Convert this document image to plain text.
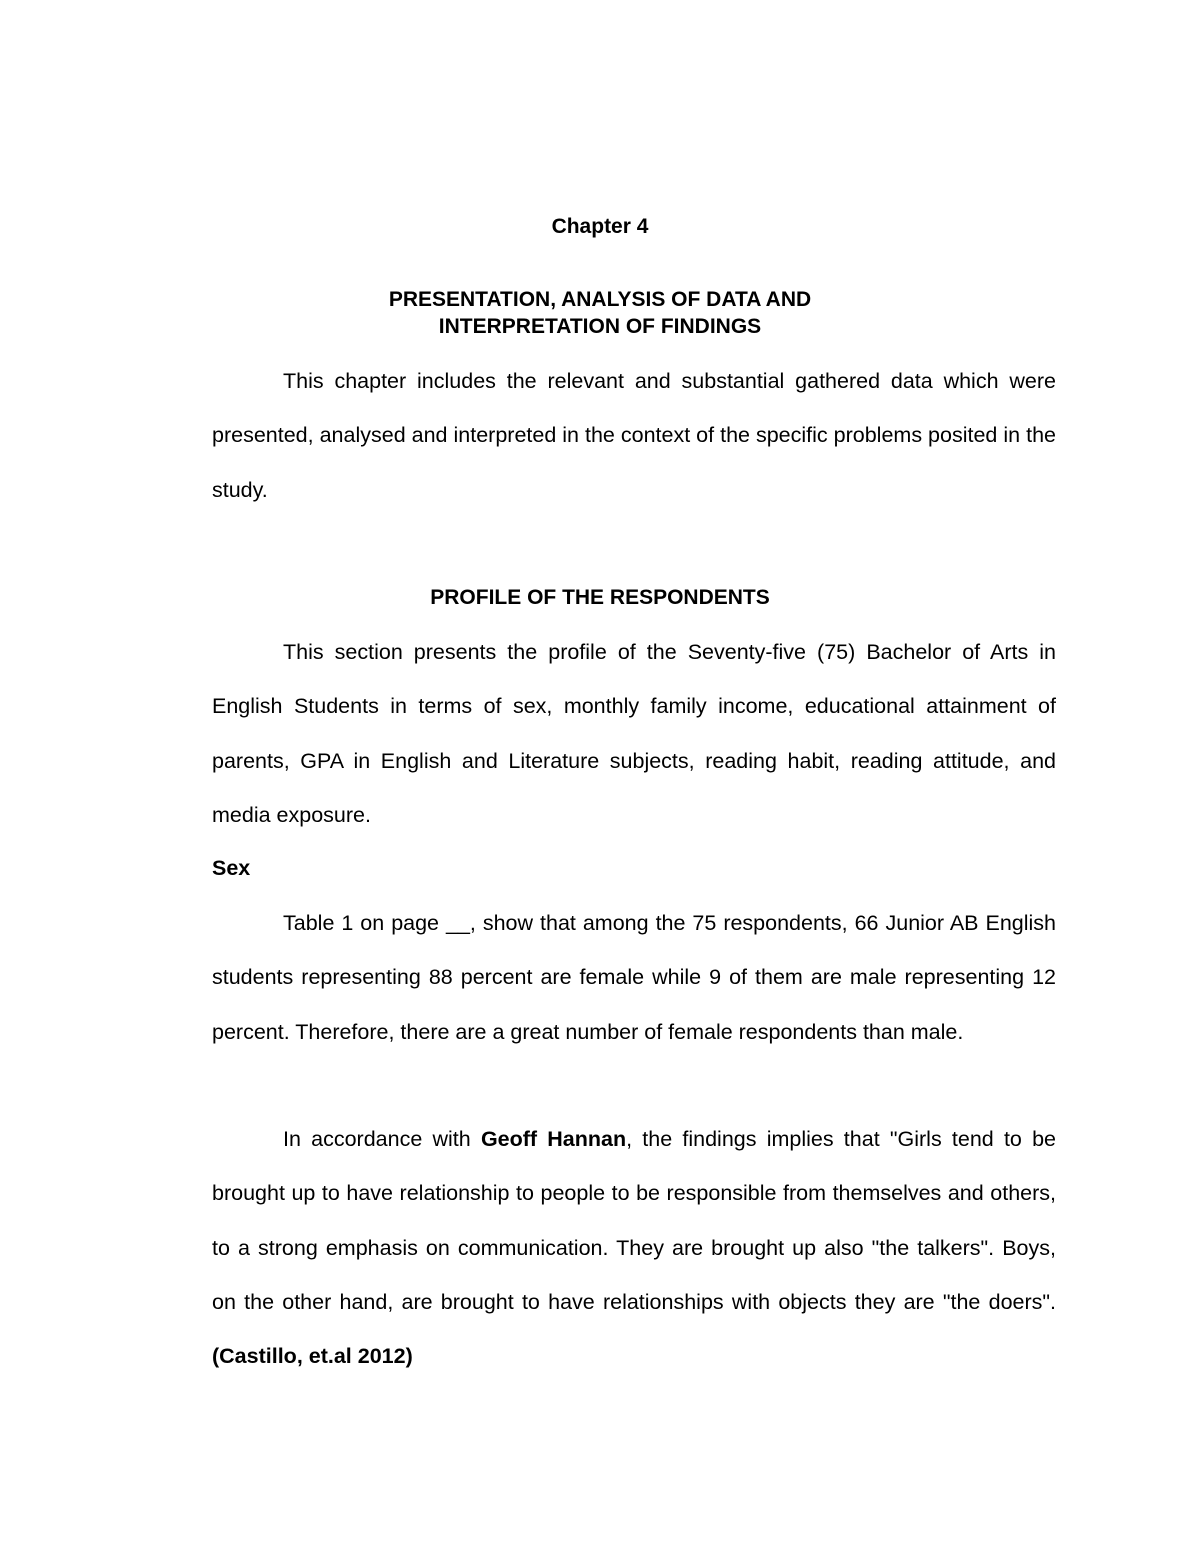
Chapter 4
PRESENTATION, ANALYSIS OF DATA AND
INTERPRETATION OF FINDINGS

This chapter includes the relevant and substantial gathered data which were presented, analysed and interpreted in the context of the specific problems posited in the study.

PROFILE OF THE RESPONDENTS

This section presents the profile of the Seventy-five (75) Bachelor of Arts in English Students in terms of sex, monthly family income, educational attainment of parents, GPA in English and Literature subjects, reading habit, reading attitude, and media exposure.

Sex

Table 1 on page __, show that among the 75 respondents, 66 Junior AB English students representing 88 percent are female while 9 of them are male representing 12 percent. Therefore, there are a great number of female respondents than male.

In accordance with Geoff Hannan, the findings implies that "Girls tend to be brought up to have relationship to people to be responsible from themselves and others, to a strong emphasis on communication. They are brought up also "the talkers". Boys, on the other hand, are brought to have relationships with objects they are "the doers". (Castillo, et.al 2012)
